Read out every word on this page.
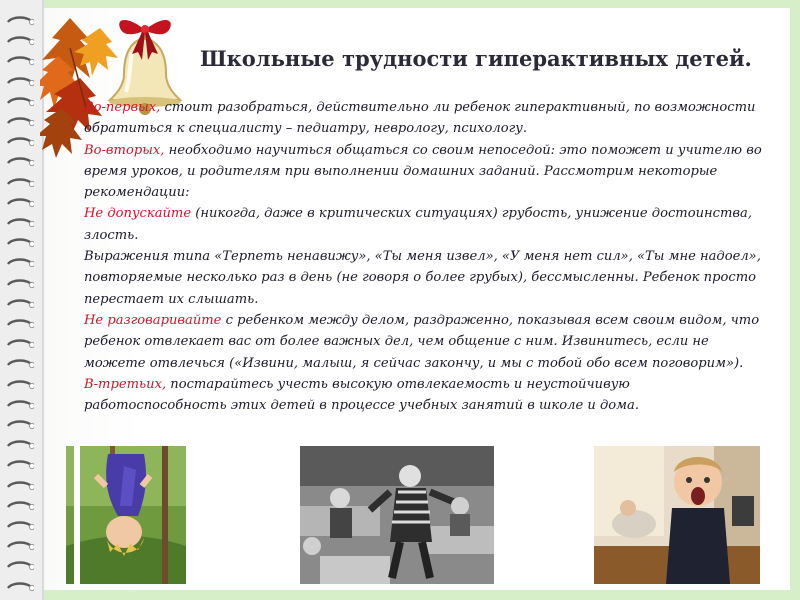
Школьные трудности гиперактивных детей.
Во-первых, стоит разобраться, действительно ли ребенок гиперактивный, по возможности обратиться к специалисту – педиатру, неврологу, психологу.
Во-вторых, необходимо научиться общаться со своим непоседой: это поможет и учителю во время уроков, и родителям при выполнении домашних заданий. Рассмотрим некоторые рекомендации:
Не допускайте (никогда, даже в критических ситуациях) грубость, унижение достоинства, злость.
Выражения типа «Терпеть ненавижу», «Ты меня извел», «У меня нет сил», «Ты мне надоел», повторяемые несколько раз в день (не говоря о более грубых), бессмысленны. Ребенок просто перестает их слышать.
Не разговаривайте с ребенком между делом, раздраженно, показывая всем своим видом, что ребенок отвлекает вас от более важных дел, чем общение с ним. Извинитесь, если не можете отвлечься («Извини, малыш, я сейчас закончу, и мы с тобой обо всем поговорим»).
В-третьих, постарайтесь учесть высокую отвлекаемость и неустойчивую работоспособность этих детей в процессе учебных занятий в школе и дома.
